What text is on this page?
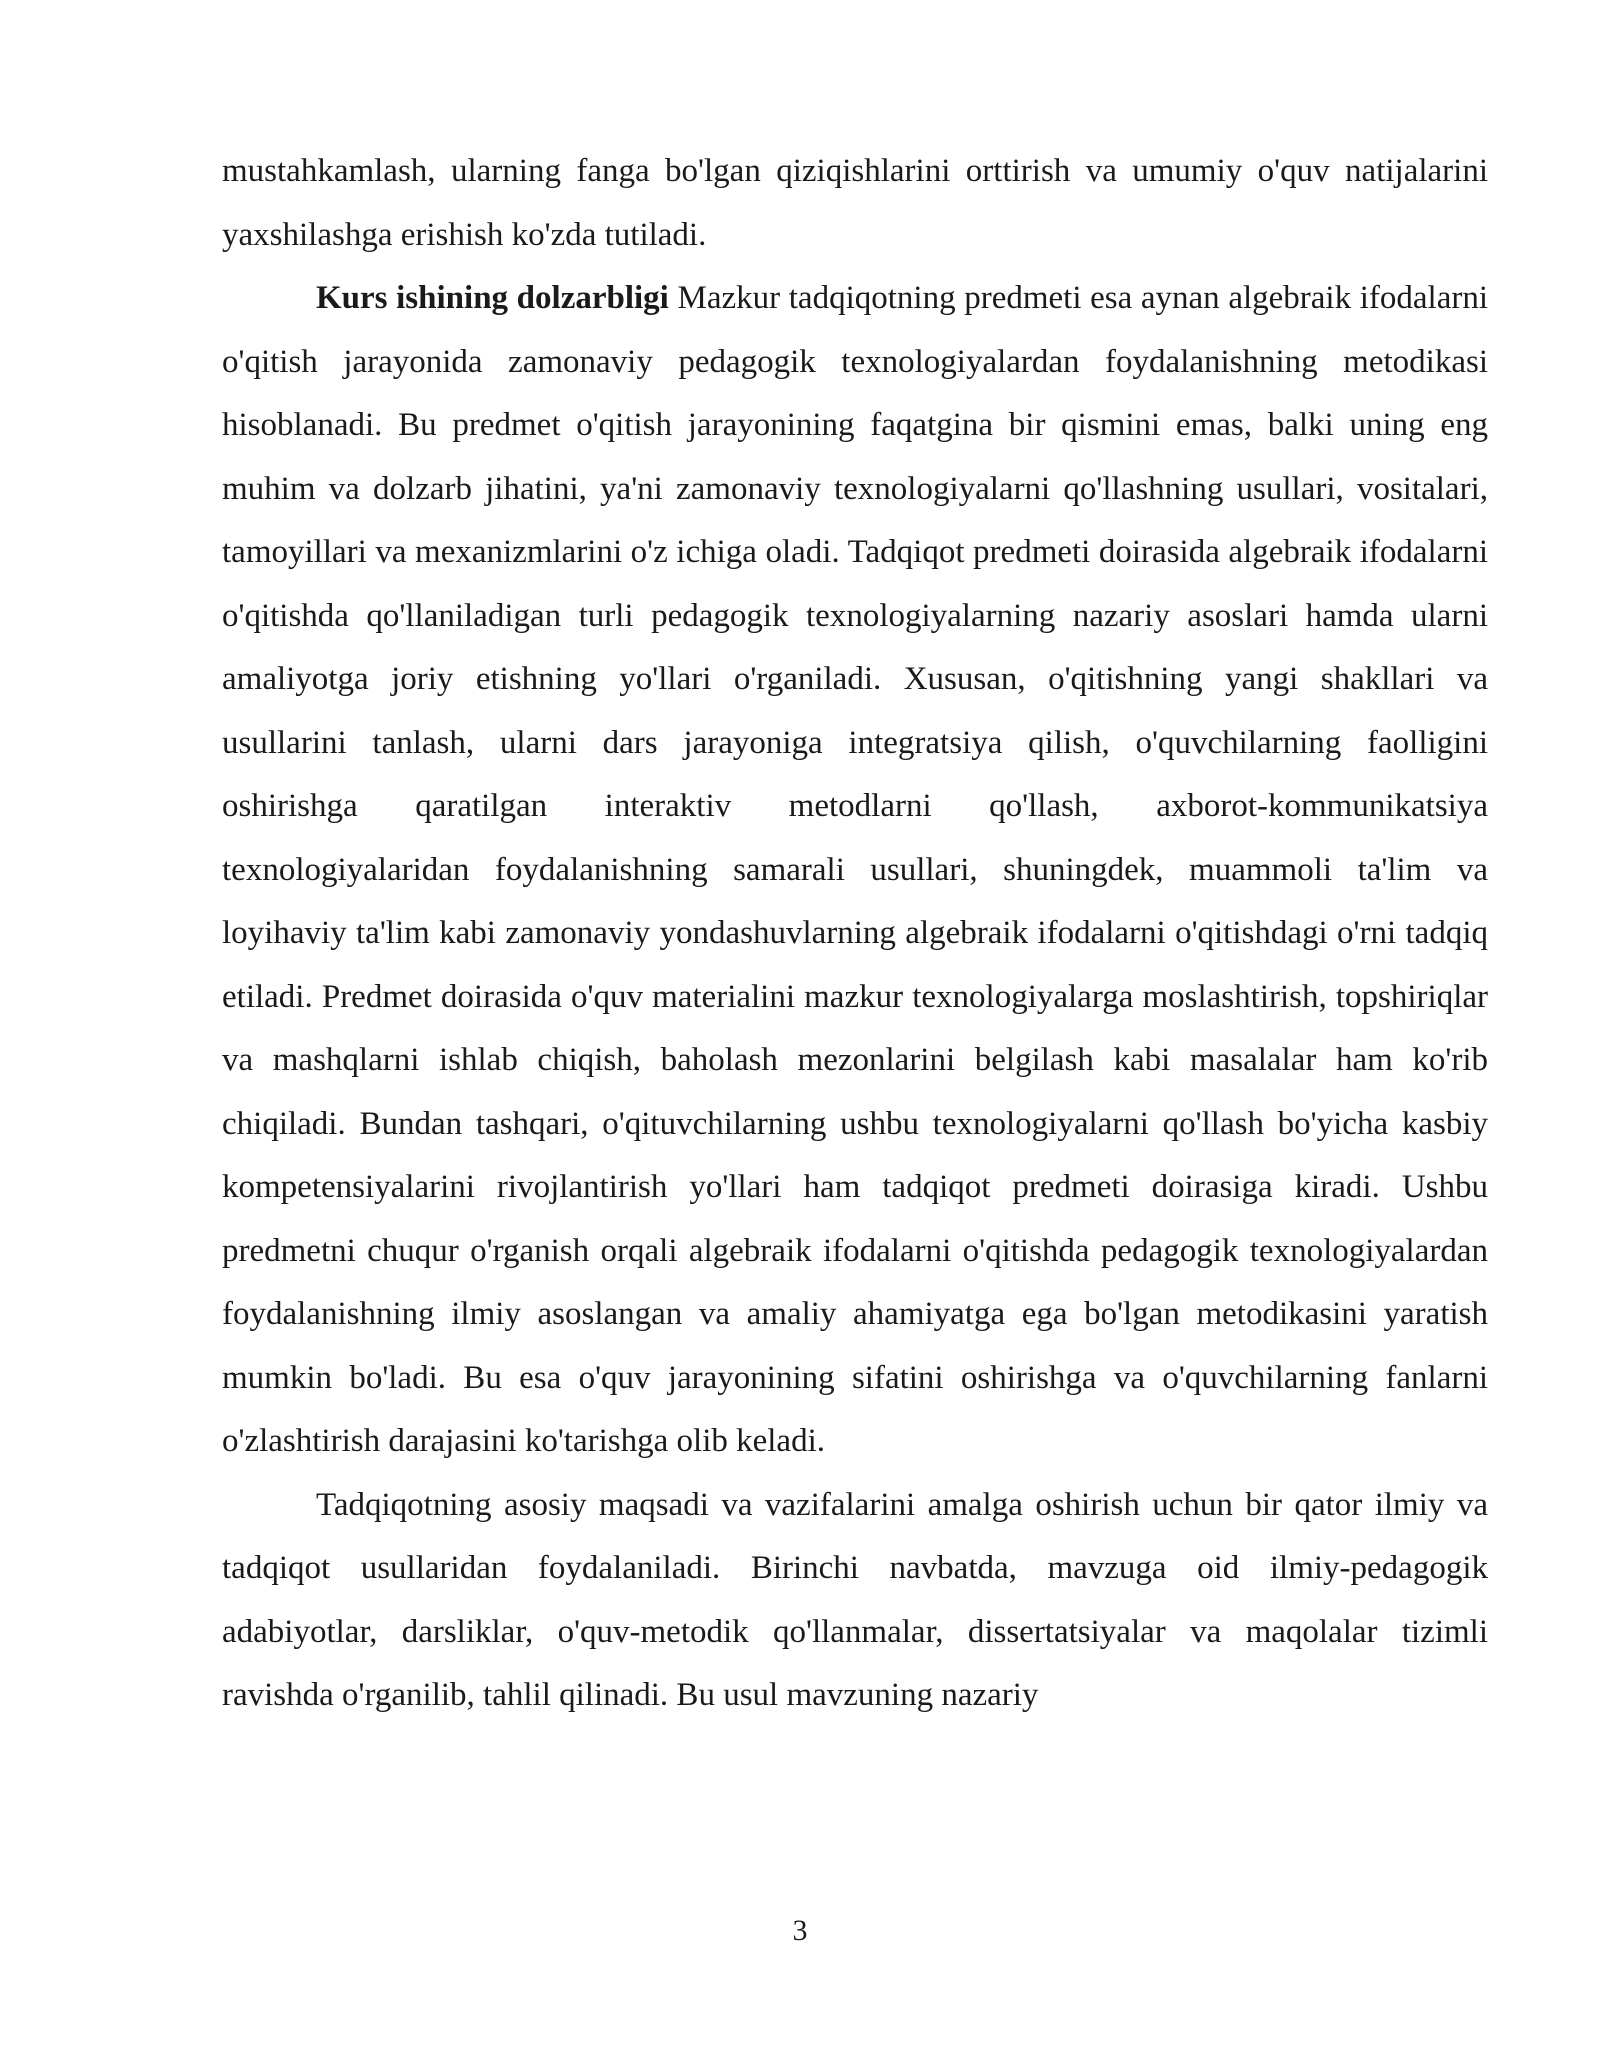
mustahkamlash, ularning fanga bo'lgan qiziqishlarini orttirish va umumiy o'quv natijalarini yaxshilashga erishish ko'zda tutiladi.

Kurs ishining dolzarbligi Mazkur tadqiqotning predmeti esa aynan algebraik ifodalarni o'qitish jarayonida zamonaviy pedagogik texnologiyalardan foydalanishning metodikasi hisoblanadi. Bu predmet o'qitish jarayonining faqatgina bir qismini emas, balki uning eng muhim va dolzarb jihatini, ya'ni zamonaviy texnologiyalarni qo'llashning usullari, vositalari, tamoyillari va mexanizmlarini o'z ichiga oladi. Tadqiqot predmeti doirasida algebraik ifodalarni o'qitishda qo'llaniladigan turli pedagogik texnologiyalarning nazariy asoslari hamda ularni amaliyotga joriy etishning yo'llari o'rganiladi. Xususan, o'qitishning yangi shakllari va usullarini tanlash, ularni dars jarayoniga integratsiya qilish, o'quvchilarning faolligini oshirishga qaratilgan interaktiv metodlarni qo'llash, axborot-kommunikatsiya texnologiyalaridan foydalanishning samarali usullari, shuningdek, muammoli ta'lim va loyihaviy ta'lim kabi zamonaviy yondashuvlarning algebraik ifodalarni o'qitishdagi o'rni tadqiq etiladi. Predmet doirasida o'quv materialini mazkur texnologiyalarga moslashtirish, topshiriqlar va mashqlarni ishlab chiqish, baholash mezonlarini belgilash kabi masalalar ham ko'rib chiqiladi. Bundan tashqari, o'qituvchilarning ushbu texnologiyalarni qo'llash bo'yicha kasbiy kompetensiyalarini rivojlantirish yo'llari ham tadqiqot predmeti doirasiga kiradi. Ushbu predmetni chuqur o'rganish orqali algebraik ifodalarni o'qitishda pedagogik texnologiyalardan foydalanishning ilmiy asoslangan va amaliy ahamiyatga ega bo'lgan metodikasini yaratish mumkin bo'ladi. Bu esa o'quv jarayonining sifatini oshirishga va o'quvchilarning fanlarni o'zlashtirish darajasini ko'tarishga olib keladi.

Tadqiqotning asosiy maqsadi va vazifalarini amalga oshirish uchun bir qator ilmiy va tadqiqot usullaridan foydalaniladi. Birinchi navbatda, mavzuga oid ilmiy-pedagogik adabiyotlar, darsliklar, o'quv-metodik qo'llanmalar, dissertatsiyalar va maqolalar tizimli ravishda o'rganilib, tahlil qilinadi. Bu usul mavzuning nazariy

3
